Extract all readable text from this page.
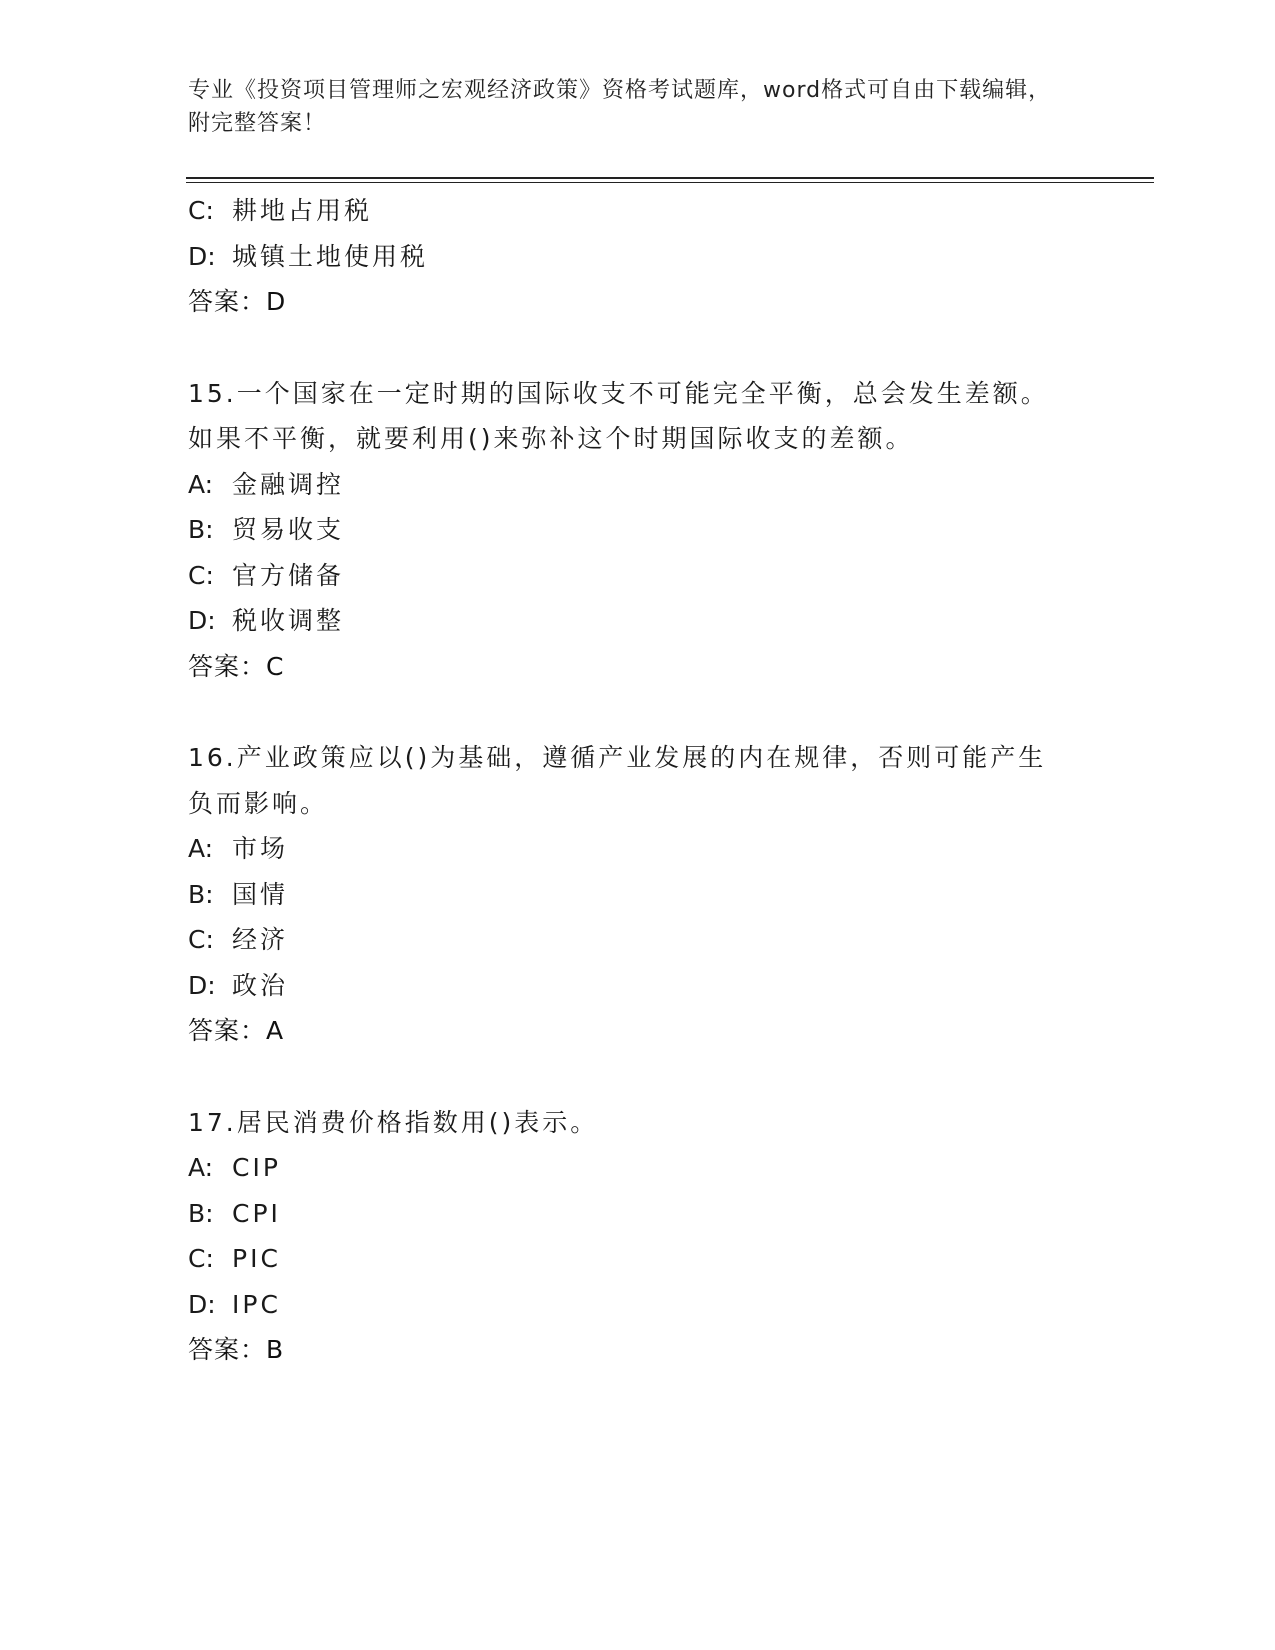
专业《投资项目管理师之宏观经济政策》资格考试题库，word格式可自由下载编辑，附完整答案！
C: 耕地占用税
D: 城镇土地使用税
答案：D
15.一个国家在一定时期的国际收支不可能完全平衡，总会发生差额。
如果不平衡，就要利用()来弥补这个时期国际收支的差额。
A: 金融调控
B: 贸易收支
C: 官方储备
D: 税收调整
答案：C
16.产业政策应以()为基础，遵循产业发展的内在规律，否则可能产生
负而影响。
A: 市场
B: 国情
C: 经济
D: 政治
答案：A
17.居民消费价格指数用()表示。
A: CIP
B: CPI
C: PIC
D: IPC
答案：B
